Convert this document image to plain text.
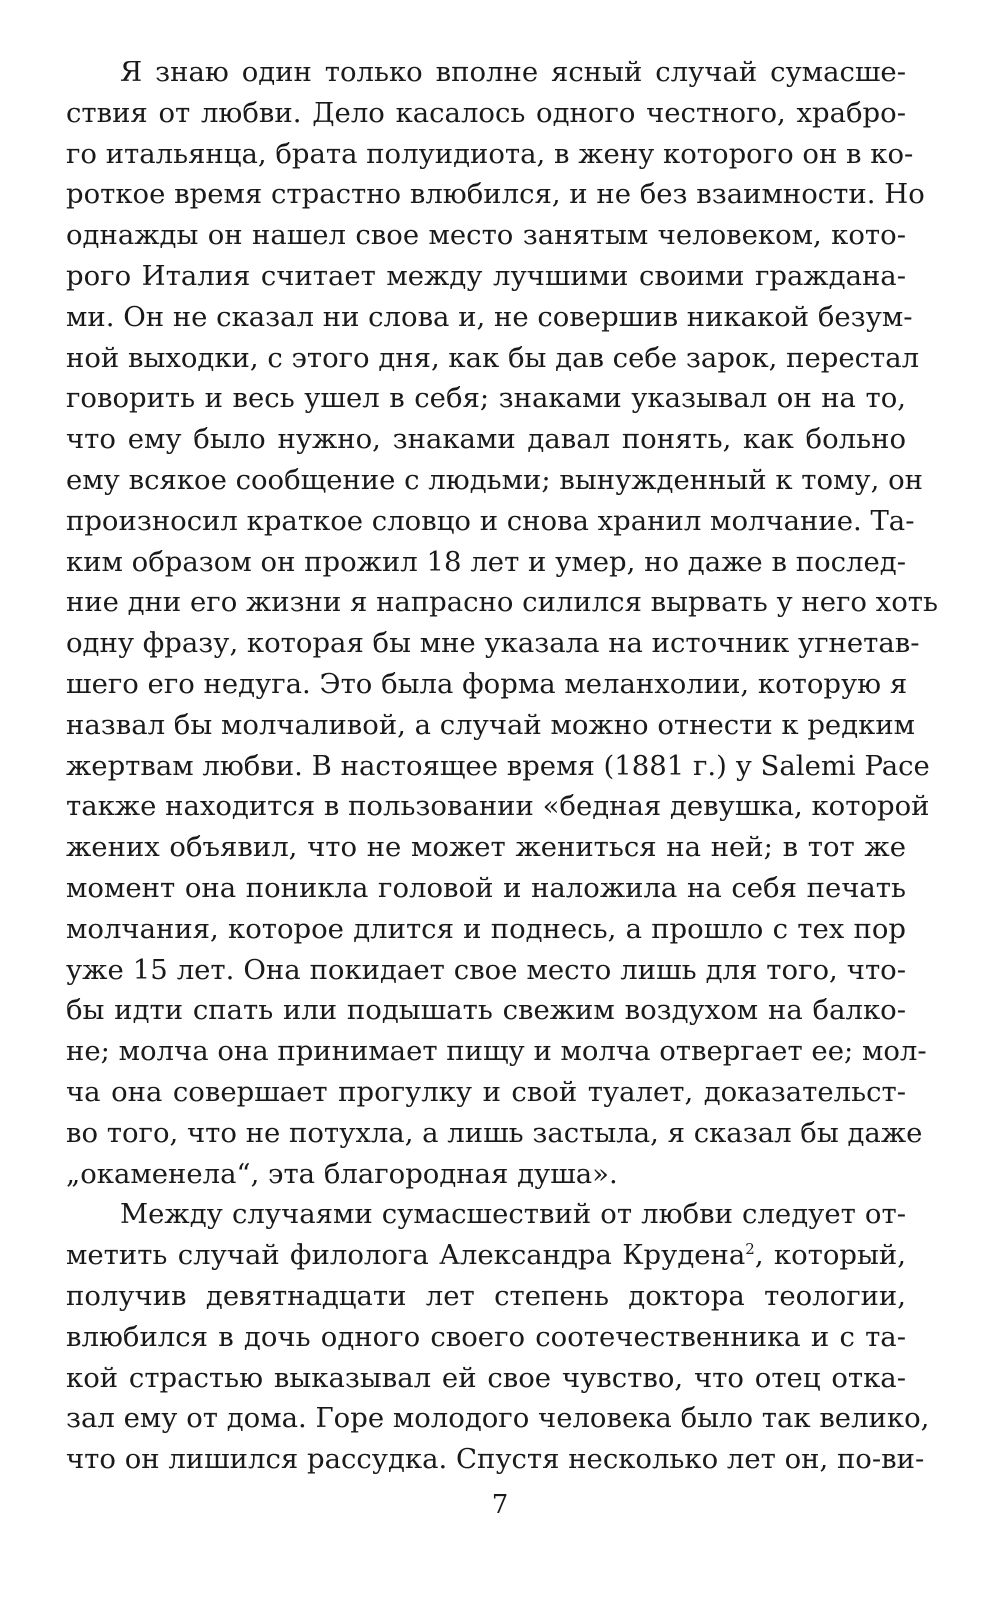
Я знаю один только вполне ясный случай сумасше-
ствия от любви. Дело касалось одного честного, храбро-
го итальянца, брата полуидиота, в жену которого он в ко-
роткое время страстно влюбился, и не без взаимности. Но
однажды он нашел свое место занятым человеком, кото-
рого Италия считает между лучшими своими граждана-
ми. Он не сказал ни слова и, не совершив никакой безум-
ной выходки, с этого дня, как бы дав себе зарок, перестал
говорить и весь ушел в себя; знаками указывал он на то,
что ему было нужно, знаками давал понять, как больно
ему всякое сообщение с людьми; вынужденный к тому, он
произносил краткое словцо и снова хранил молчание. Та-
ким образом он прожил 18 лет и умер, но даже в послед-
ние дни его жизни я напрасно силился вырвать у него хоть
одну фразу, которая бы мне указала на источник угнетав-
шего его недуга. Это была форма меланхолии, которую я
назвал бы молчаливой, а случай можно отнести к редким
жертвам любви. В настоящее время (1881 г.) у Salemi Pace
также находится в пользовании «бедная девушка, которой
жених объявил, что не может жениться на ней; в тот же
момент она поникла головой и наложила на себя печать
молчания, которое длится и поднесь, а прошло с тех пор
уже 15 лет. Она покидает свое место лишь для того, что-
бы идти спать или подышать свежим воздухом на балко-
не; молча она принимает пищу и молча отвергает ее; мол-
ча она совершает прогулку и свой туалет, доказательст-
во того, что не потухла, а лишь застыла, я сказал бы даже
„окаменела“, эта благородная душа».
Между случаями сумасшествий от любви следует от-
метить случай филолога Александра Крудена$^2$, который,
получив девятнадцати лет степень доктора теологии,
влюбился в дочь одного своего соотечественника и с та-
кой страстью выказывал ей свое чувство, что отец отка-
зал ему от дома. Горе молодого человека было так велико,
что он лишился рассудка. Спустя несколько лет он, по-ви-
7
